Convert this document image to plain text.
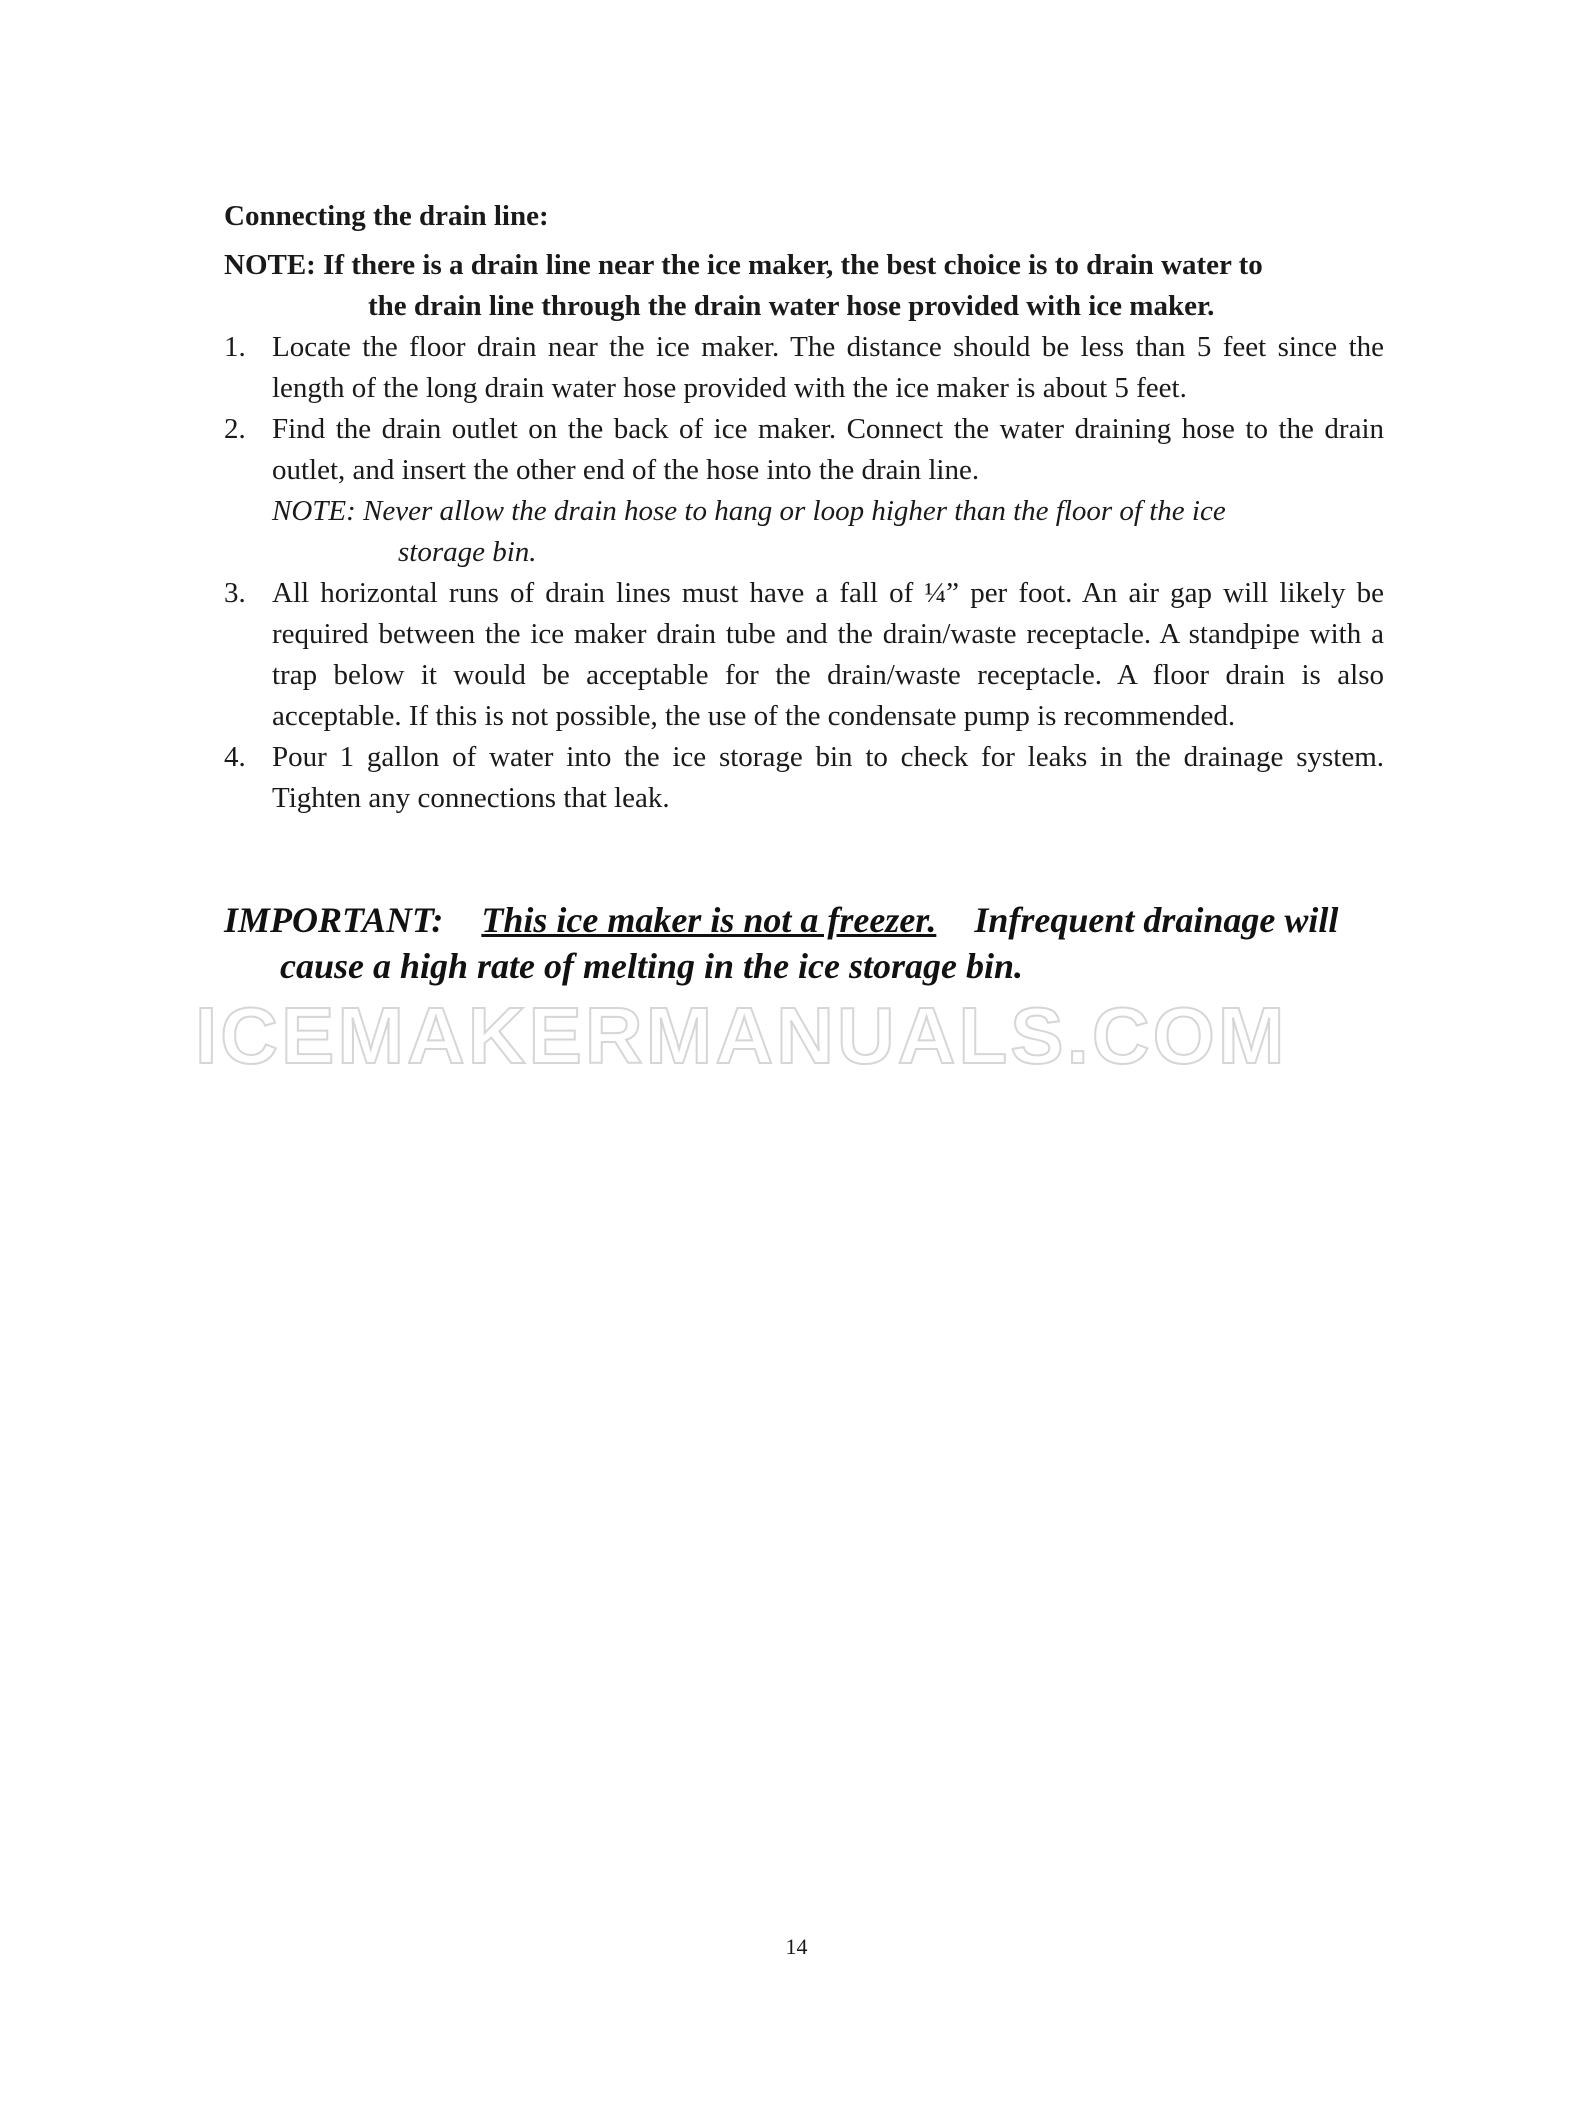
ICEMAKERMANUALS.COM

Connecting the drain line:

NOTE: If there is a drain line near the ice maker, the best choice is to drain water to
the drain line through the drain water hose provided with ice maker.

1. Locate the floor drain near the ice maker. The distance should be less than 5 feet since the length of the long drain water hose provided with the ice maker is about 5 feet.
2. Find the drain outlet on the back of ice maker. Connect the water draining hose to the drain outlet, and insert the other end of the hose into the drain line.
NOTE: Never allow the drain hose to hang or loop higher than the floor of the ice
storage bin.
3. All horizontal runs of drain lines must have a fall of ¼” per foot. An air gap will likely be required between the ice maker drain tube and the drain/waste receptacle. A standpipe with a trap below it would be acceptable for the drain/waste receptacle. A floor drain is also acceptable. If this is not possible, the use of the condensate pump is recommended.
4. Pour 1 gallon of water into the ice storage bin to check for leaks in the drainage system. Tighten any connections that leak.
IMPORTANT: This ice maker is not a freezer. Infrequent drainage will
cause a high rate of melting in the ice storage bin.
14
